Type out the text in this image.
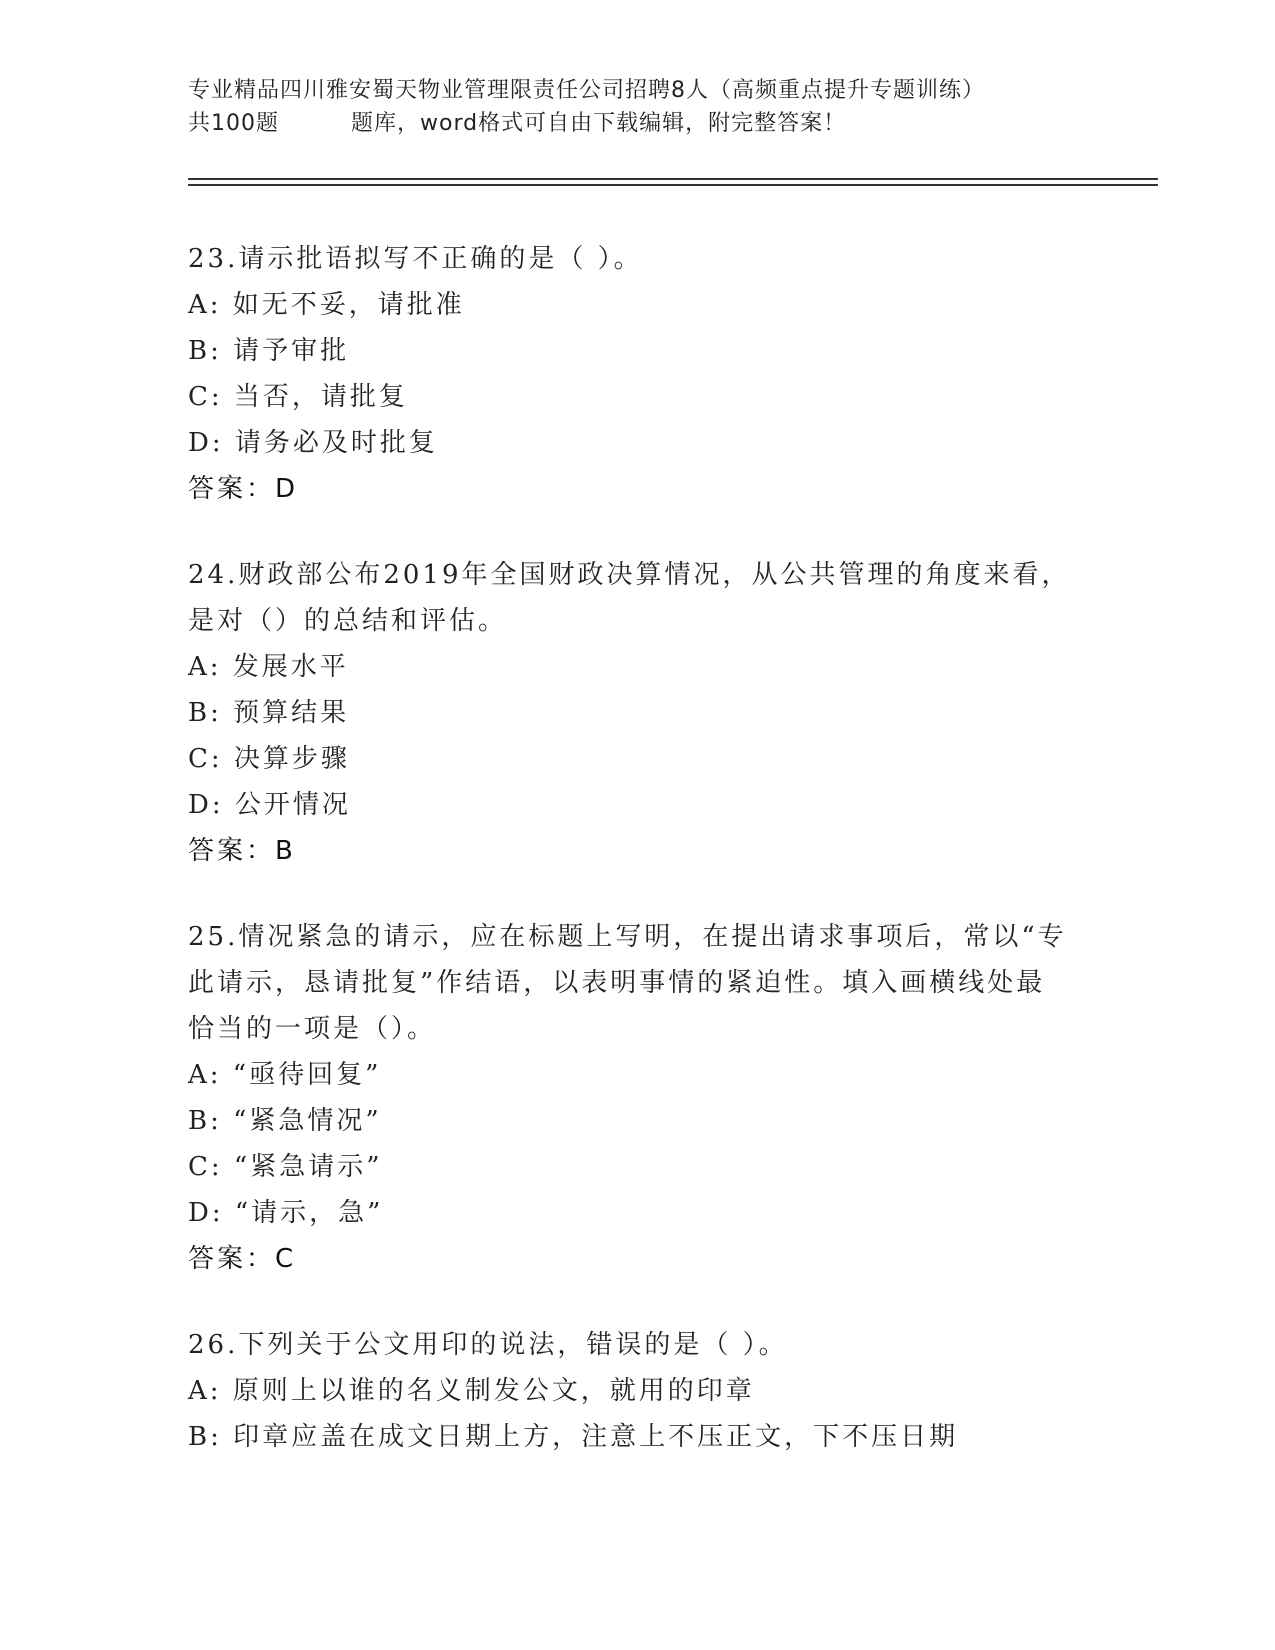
专业精品四川雅安蜀天物业管理限责任公司招聘8人（高频重点提升专题训练）
共100题	题库，word格式可自由下载编辑，附完整答案！
23.请示批语拟写不正确的是（ ）。
A: 如无不妥，请批准
B: 请予审批
C: 当否，请批复
D: 请务必及时批复
答案：D
24.财政部公布2019年全国财政决算情况，从公共管理的角度来看，
是对（）的总结和评估。
A: 发展水平
B: 预算结果
C: 决算步骤
D: 公开情况
答案：B
25.情况紧急的请示，应在标题上写明，在提出请求事项后，常以“专
此请示，恳请批复”作结语，以表明事情的紧迫性。填入画横线处最
恰当的一项是（）。
A: “亟待回复”
B: “紧急情况”
C: “紧急请示”
D: “请示，急”
答案：C
26.下列关于公文用印的说法，错误的是（ ）。
A: 原则上以谁的名义制发公文，就用的印章
B: 印章应盖在成文日期上方，注意上不压正文，下不压日期
